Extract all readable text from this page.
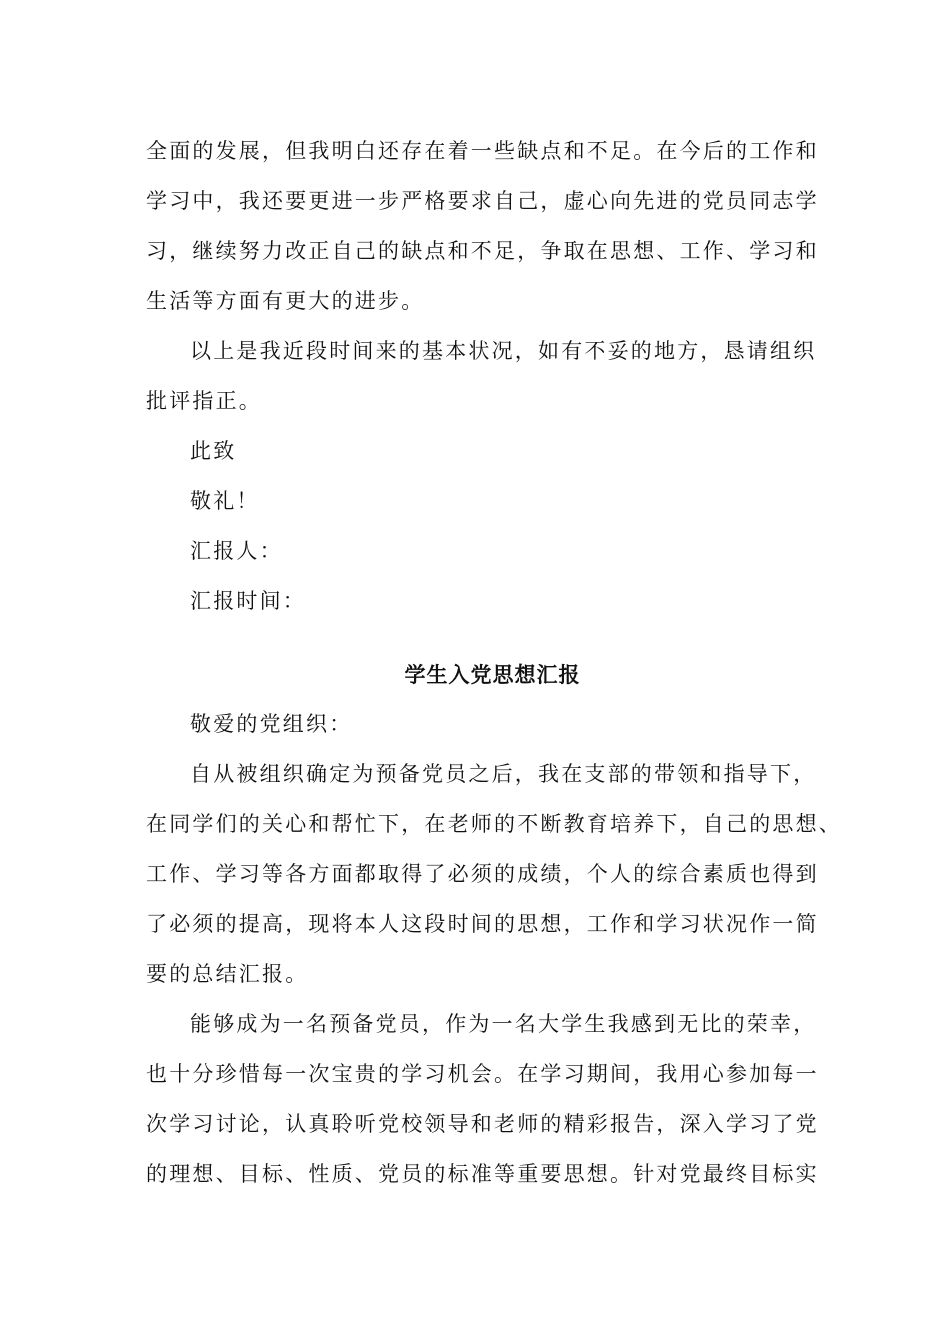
全面的发展，但我明白还存在着一些缺点和不足。在今后的工作和
学习中，我还要更进一步严格要求自己，虚心向先进的党员同志学
习，继续努力改正自己的缺点和不足，争取在思想、工作、学习和
生活等方面有更大的进步。
以上是我近段时间来的基本状况，如有不妥的地方，恳请组织
批评指正。
此致
敬礼！
汇报人：
汇报时间：
学生入党思想汇报
敬爱的党组织：
自从被组织确定为预备党员之后，我在支部的带领和指导下，
在同学们的关心和帮忙下，在老师的不断教育培养下，自己的思想、
工作、学习等各方面都取得了必须的成绩，个人的综合素质也得到
了必须的提高，现将本人这段时间的思想，工作和学习状况作一简
要的总结汇报。
能够成为一名预备党员，作为一名大学生我感到无比的荣幸，
也十分珍惜每一次宝贵的学习机会。在学习期间，我用心参加每一
次学习讨论，认真聆听党校领导和老师的精彩报告，深入学习了党
的理想、目标、性质、党员的标准等重要思想。针对党最终目标实
